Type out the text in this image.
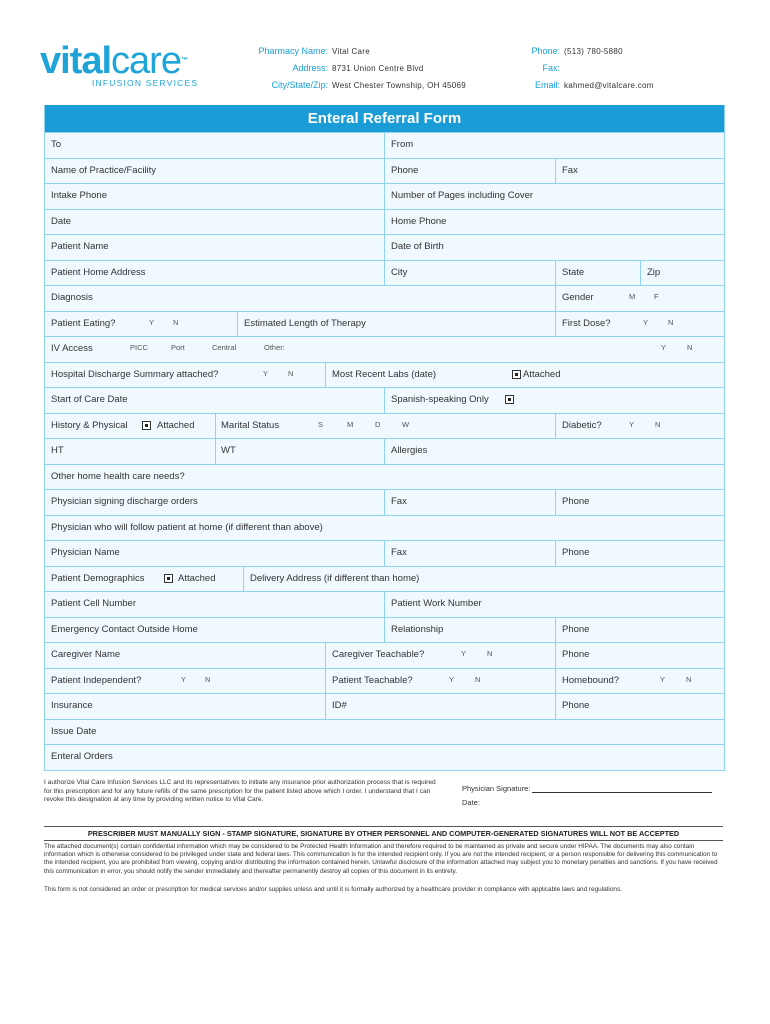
vitalcare™
INFUSION SERVICES
Pharmacy Name: Vital Care
Address: 8731 Union Centre Blvd
City/State/Zip: West Chester Township, OH 45069
Phone: (513) 780-5880
Fax:
Email: kahmed@vitalcare.com
Enteral Referral Form
To	From
Name of Practice/Facility	Phone	Fax
Intake Phone	Number of Pages including Cover
Date	Home Phone
Patient Name	Date of Birth
Patient Home Address	City	State	Zip
Diagnosis	Gender	M	F
Patient Eating?	Y	N	Estimated Length of Therapy	First Dose?	Y	N
IV Access	PICC	Port	Central	Other:	Y	N
Hospital Discharge Summary attached?	Y	N	Most Recent Labs (date)	Attached
Start of Care Date	Spanish-speaking Only
History & Physical	Attached	Marital Status	S	M	D	W	Diabetic?	Y	N
HT	WT	Allergies
Other home health care needs?
Physician signing discharge orders	Fax	Phone
Physician who will follow patient at home (if different than above)
Physician Name	Fax	Phone
Patient Demographics	Attached	Delivery Address (if different than home)
Patient Cell Number	Patient Work Number
Emergency Contact Outside Home	Relationship	Phone
Caregiver Name	Caregiver Teachable?	Y	N	Phone
Patient Independent?	Y	N	Patient Teachable?	Y	N	Homebound?	Y	N
Insurance	ID#	Phone
Issue Date
Enteral Orders
I authorize Vital Care Infusion Services LLC and its representatives to initiate any insurance prior authorization process that is required for this prescription and for any future refills of the same prescription for the patient listed above which I order. I understand that I can revoke this designation at any time by providing written notice to Vital Care.
Physician Signature:
Date:
PRESCRIBER MUST MANUALLY SIGN - STAMP SIGNATURE, SIGNATURE BY OTHER PERSONNEL AND COMPUTER-GENERATED SIGNATURES WILL NOT BE ACCEPTED
The attached document(s) contain confidential information which may be considered to be Protected Health Information and therefore required to be maintained as private and secure under HIPAA. The documents may also contain information which is otherwise considered to be privileged under state and federal laws. This communication is for the intended recipient only. If you are not the intended recipient, or a person responsible for delivering this communication to the intended recipient, you are prohibited from viewing, copying and/or distributing the information contained herein. Unlawful disclosure of the information attached may subject you to monetary penalties and sanctions. If you have received this communication in error, you should notify the sender immediately and thereafter permanently destroy all copies of this document in its entirety.
This form is not considered an order or prescription for medical services and/or supplies unless and until it is formally authorized by a healthcare provider in compliance with applicable laws and regulations.
